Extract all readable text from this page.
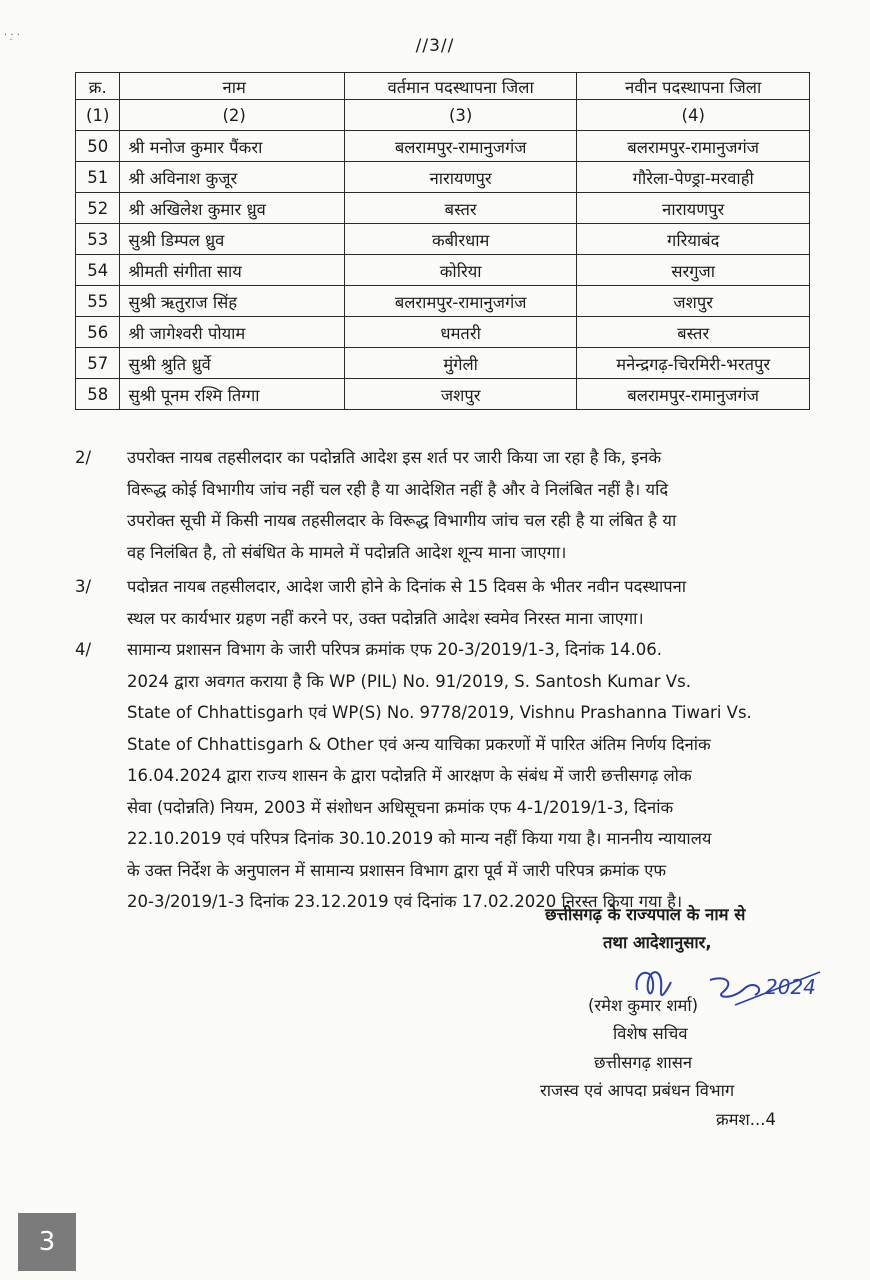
· ·̣ ·
//3//
क्र.	नाम	वर्तमान पदस्थापना जिला	नवीन पदस्थापना जिला
(1)	(2)	(3)	(4)
50	श्री मनोज कुमार पैंकरा	बलरामपुर-रामानुजगंज	बलरामपुर-रामानुजगंज
51	श्री अविनाश कुजूर	नारायणपुर	गौरेला-पेण्ड्रा-मरवाही
52	श्री अखिलेश कुमार ध्रुव	बस्तर	नारायणपुर
53	सुश्री डिम्पल ध्रुव	कबीरधाम	गरियाबंद
54	श्रीमती संगीता साय	कोरिया	सरगुजा
55	सुश्री ऋतुराज सिंह	बलरामपुर-रामानुजगंज	जशपुर
56	श्री जागेश्वरी पोयाम	धमतरी	बस्तर
57	सुश्री श्रुति ध्रुर्वे	मुंगेली	मनेन्द्रगढ़-चिरमिरी-भरतपुर
58	सुश्री पूनम रश्मि तिग्गा	जशपुर	बलरामपुर-रामानुजगंज
2/	उपरोक्त नायब तहसीलदार का पदोन्नति आदेश इस शर्त पर जारी किया जा रहा है कि, इनके
विरूद्ध कोई विभागीय जांच नहीं चल रही है या आदेशित नहीं है और वे निलंबित नहीं है। यदि
उपरोक्त सूची में किसी नायब तहसीलदार के विरूद्ध विभागीय जांच चल रही है या लंबित है या
वह निलंबित है, तो संबंधित के मामले में पदोन्नति आदेश शून्य माना जाएगा।
3/	पदोन्नत नायब तहसीलदार, आदेश जारी होने के दिनांक से 15 दिवस के भीतर नवीन पदस्थापना
स्थल पर कार्यभार ग्रहण नहीं करने पर, उक्त पदोन्नति आदेश स्वमेव निरस्त माना जाएगा।
4/	सामान्य प्रशासन विभाग के जारी परिपत्र क्रमांक एफ 20-3/2019/1-3, दिनांक 14.06.
2024 द्वारा अवगत कराया है कि WP (PIL) No. 91/2019, S. Santosh Kumar Vs.
State of Chhattisgarh एवं WP(S) No. 9778/2019, Vishnu Prashanna Tiwari Vs.
State of Chhattisgarh & Other एवं अन्य याचिका प्रकरणों में पारित अंतिम निर्णय दिनांक
16.04.2024 द्वारा राज्य शासन के द्वारा पदोन्नति में आरक्षण के संबंध में जारी छत्तीसगढ़ लोक
सेवा (पदोन्नति) नियम, 2003 में संशोधन अधिसूचना क्रमांक एफ 4-1/2019/1-3, दिनांक
22.10.2019 एवं परिपत्र दिनांक 30.10.2019 को मान्य नहीं किया गया है। माननीय न्यायालय
के उक्त निर्देश के अनुपालन में सामान्य प्रशासन विभाग द्वारा पूर्व में जारी परिपत्र क्रमांक एफ
20-3/2019/1-3 दिनांक 23.12.2019 एवं दिनांक 17.02.2020 निरस्त किया गया है।
छत्तीसगढ़ के राज्यपाल के नाम से
तथा आदेशानुसार,
2024
(रमेश कुमार शर्मा)
विशेष सचिव
छत्तीसगढ़ शासन
राजस्व एवं आपदा प्रबंधन विभाग
क्रमश...4
3
